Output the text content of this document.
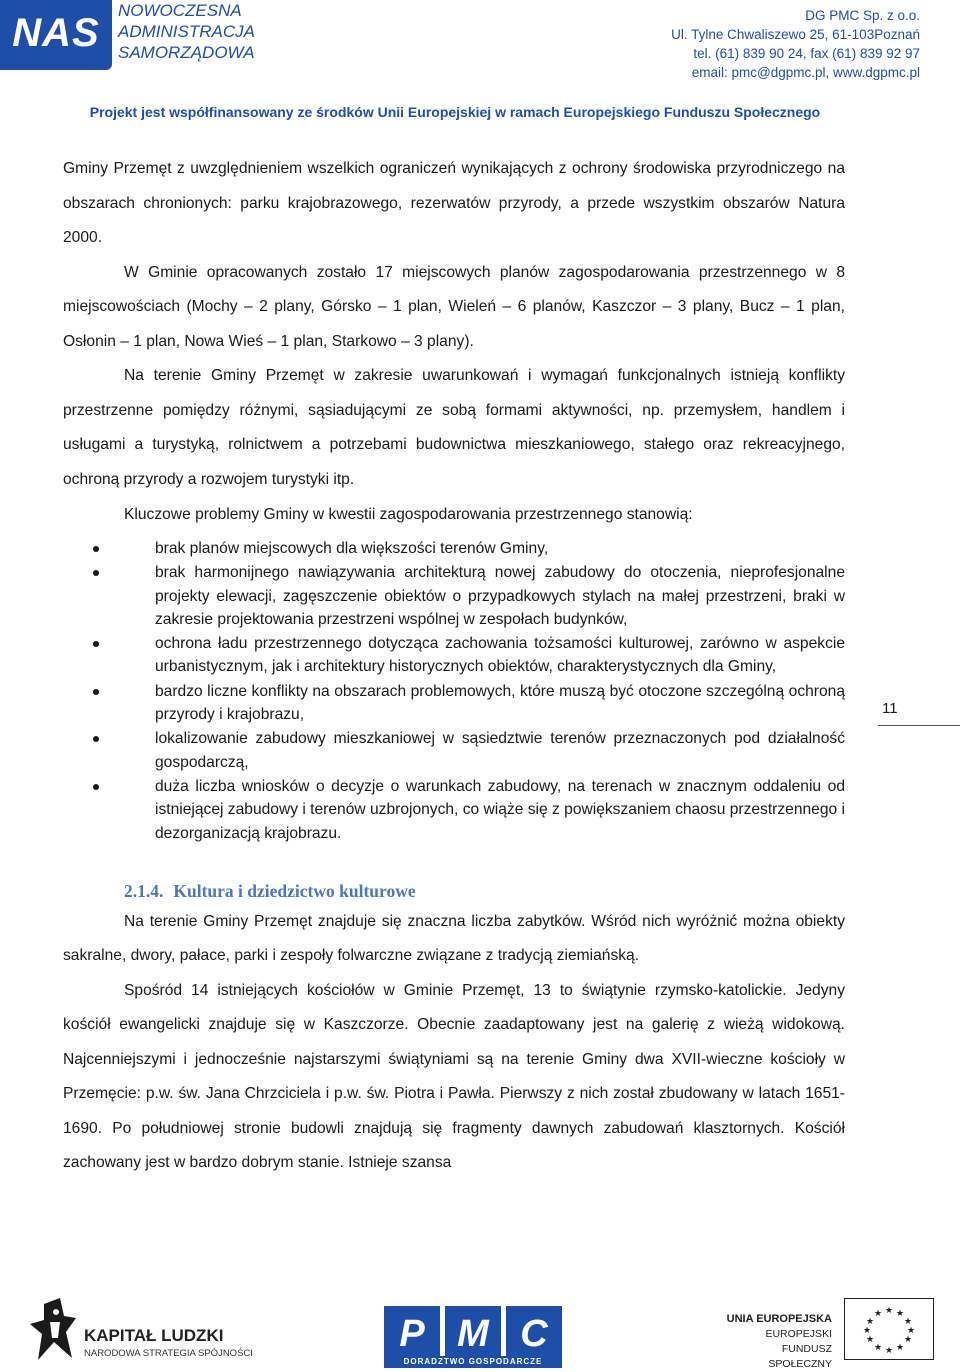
NAS
NOWOCZESNA
ADMINISTRACJA
SAMORZĄDOWA
DG PMC Sp. z o.o.
Ul. Tylne Chwaliszewo 25, 61-103Poznań
tel. (61) 839 90 24, fax (61) 839 92 97
email: pmc@dgpmc.pl, www.dgpmc.pl
Projekt jest współfinansowany ze środków Unii Europejskiej w ramach Europejskiego Funduszu Społecznego

Gminy Przemęt z uwzględnieniem wszelkich ograniczeń wynikających z ochrony środowiska przyrodniczego na obszarach chronionych: parku krajobrazowego, rezerwatów przyrody, a przede wszystkim obszarów Natura 2000.

W Gminie opracowanych zostało 17 miejscowych planów zagospodarowania przestrzennego w 8 miejscowościach (Mochy – 2 plany, Górsko – 1 plan, Wieleń – 6 planów, Kaszczor – 3 plany, Bucz – 1 plan, Osłonin – 1 plan, Nowa Wieś – 1 plan, Starkowo – 3 plany).

Na terenie Gminy Przemęt w zakresie uwarunkowań i wymagań funkcjonalnych istnieją konflikty przestrzenne pomiędzy różnymi, sąsiadującymi ze sobą formami aktywności, np. przemysłem, handlem i usługami a turystyką, rolnictwem a potrzebami budownictwa mieszkaniowego, stałego oraz rekreacyjnego, ochroną przyrody a rozwojem turystyki itp.

Kluczowe problemy Gminy w kwestii zagospodarowania przestrzennego stanowią:

brak planów miejscowych dla większości terenów Gminy,
brak harmonijnego nawiązywania architekturą nowej zabudowy do otoczenia, nieprofesjonalne projekty elewacji, zagęszczenie obiektów o przypadkowych stylach na małej przestrzeni, braki w zakresie projektowania przestrzeni wspólnej w zespołach budynków,
ochrona ładu przestrzennego dotycząca zachowania tożsamości kulturowej, zarówno w aspekcie urbanistycznym, jak i architektury historycznych obiektów, charakterystycznych dla Gminy,
bardzo liczne konflikty na obszarach problemowych, które muszą być otoczone szczególną ochroną przyrody i krajobrazu,
lokalizowanie zabudowy mieszkaniowej w sąsiedztwie terenów przeznaczonych pod działalność gospodarczą,
duża liczba wniosków o decyzje o warunkach zabudowy, na terenach w znacznym oddaleniu od istniejącej zabudowy i terenów uzbrojonych, co wiąże się z powiększaniem chaosu przestrzennego i dezorganizacją krajobrazu.
2.1.4. Kultura i dziedzictwo kulturowe

Na terenie Gminy Przemęt znajduje się znaczna liczba zabytków. Wśród nich wyróżnić można obiekty sakralne, dwory, pałace, parki i zespoły folwarczne związane z tradycją ziemiańską.

Spośród 14 istniejących kościołów w Gminie Przemęt, 13 to świątynie rzymsko-katolickie. Jedyny kościół ewangelicki znajduje się w Kaszczorze. Obecnie zaadaptowany jest na galerię z wieżą widokową. Najcenniejszymi i jednocześnie najstarszymi świątyniami są na terenie Gminy dwa XVII-wieczne kościoły w Przemęcie: p.w. św. Jana Chrzciciela i p.w. św. Piotra i Pawła. Pierwszy z nich został zbudowany w latach 1651-1690. Po południowej stronie budowli znajdują się fragmenty dawnych zabudowań klasztornych. Kościół zachowany jest w bardzo dobrym stanie. Istnieje szansa

11
KAPITAŁ LUDZKI
NARODOWA STRATEGIA SPÓJNOŚCI	P M C
DORADZTWO GOSPODARCZE
UNIA EUROPEJSKA
EUROPEJSKI
FUNDUSZ SPOŁECZNY
★ ★
★
★
★
★
★
★
★
★
★
★
